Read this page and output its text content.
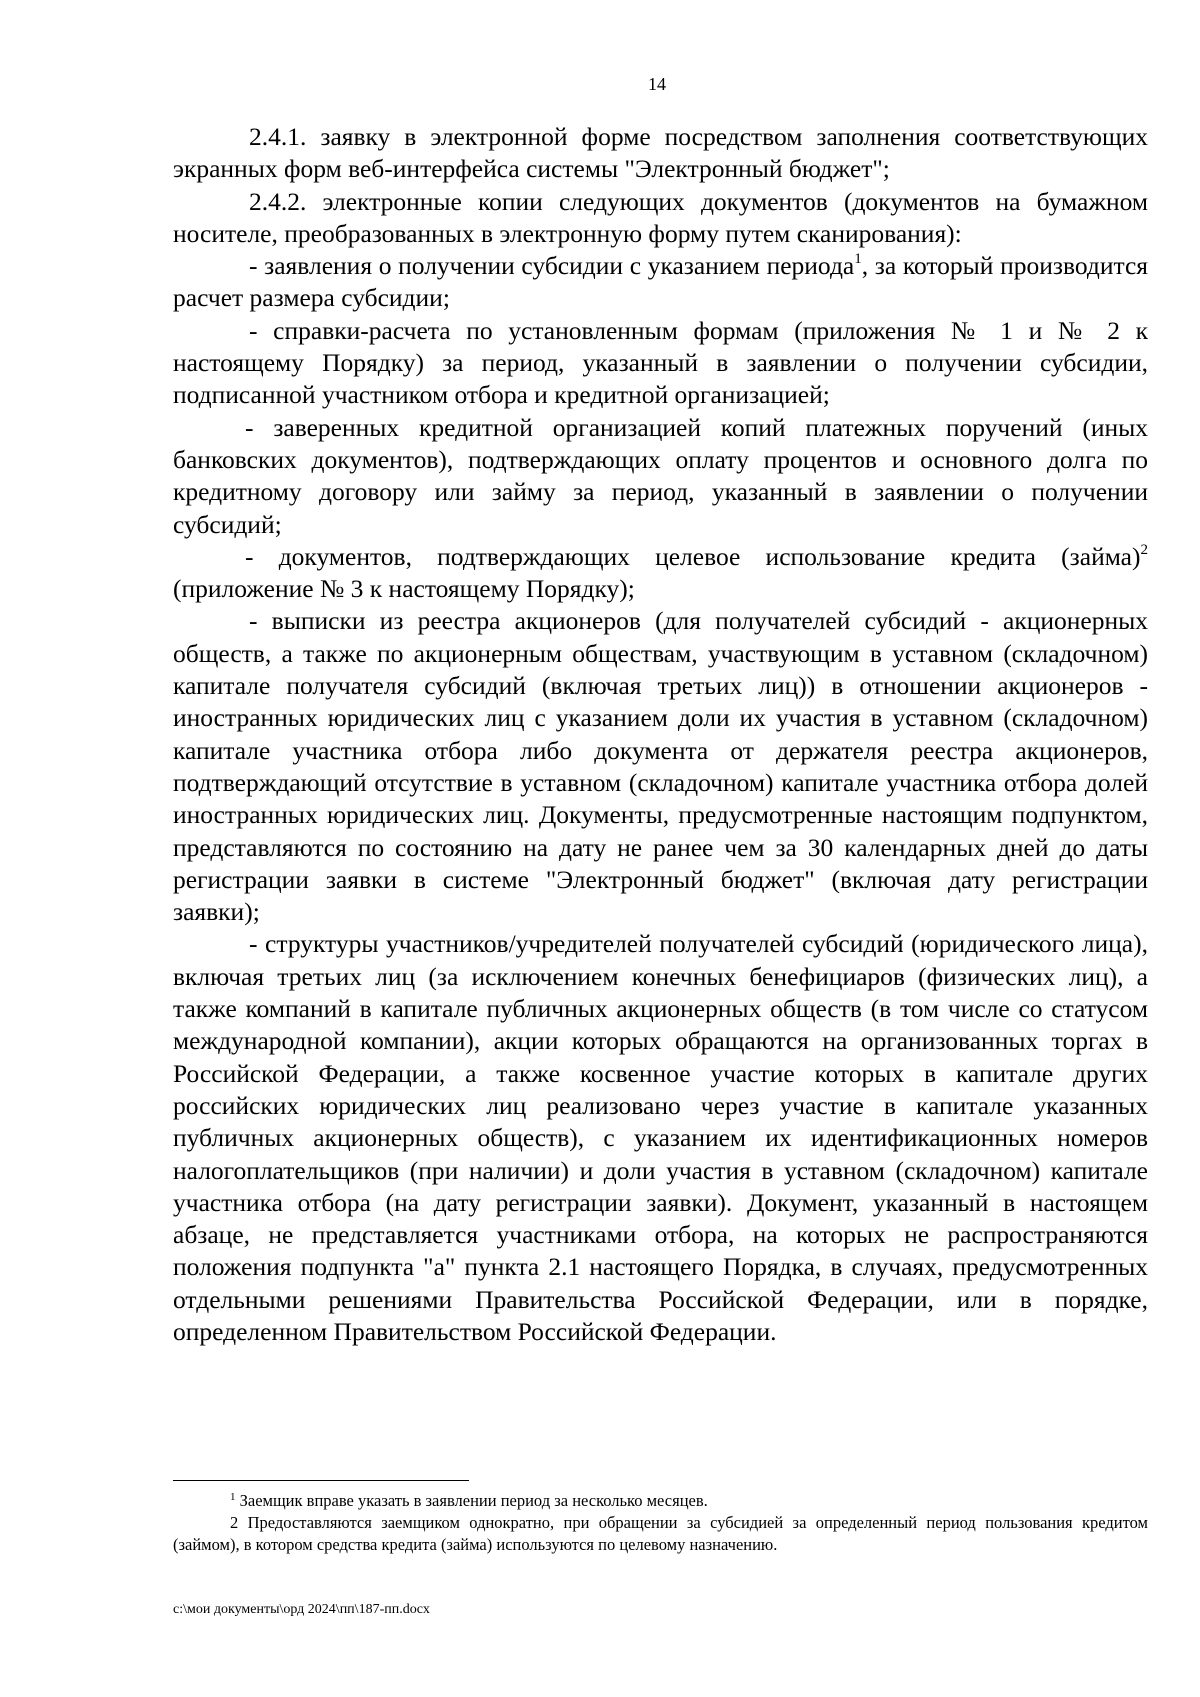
14

2.4.1. заявку в электронной форме посредством заполнения соответствующих экранных форм веб-интерфейса системы "Электронный бюджет";

2.4.2. электронные копии следующих документов (документов на бумажном носителе, преобразованных в электронную форму путем сканирования):

- заявления о получении субсидии с указанием периода$^1$, за который производится расчет размера субсидии;

- справки-расчета по установленным формам (приложения № 1 и № 2 к настоящему Порядку) за период, указанный в заявлении о получении субсидии, подписанной участником отбора и кредитной организацией;

- заверенных кредитной организацией копий платежных поручений (иных банковских документов), подтверждающих оплату процентов и основного долга по кредитному договору или займу за период, указанный в заявлении о получении субсидий;

- документов, подтверждающих целевое использование кредита (займа)$^2$ (приложение № 3 к настоящему Порядку);

- выписки из реестра акционеров (для получателей субсидий - акционерных обществ, а также по акционерным обществам, участвующим в уставном (складочном) капитале получателя субсидий (включая третьих лиц)) в отношении акционеров - иностранных юридических лиц с указанием доли их участия в уставном (складочном) капитале участника отбора либо документа от держателя реестра акционеров, подтверждающий отсутствие в уставном (складочном) капитале участника отбора долей иностранных юридических лиц. Документы, предусмотренные настоящим подпунктом, представляются по состоянию на дату не ранее чем за 30 календарных дней до даты регистрации заявки в системе "Электронный бюджет" (включая дату регистрации заявки);

- структуры участников/учредителей получателей субсидий (юридического лица), включая третьих лиц (за исключением конечных бенефициаров (физических лиц), а также компаний в капитале публичных акционерных обществ (в том числе со статусом международной компании), акции которых обращаются на организованных торгах в Российской Федерации, а также косвенное участие которых в капитале других российских юридических лиц реализовано через участие в капитале указанных публичных акционерных обществ), с указанием их идентификационных номеров налогоплательщиков (при наличии) и доли участия в уставном (складочном) капитале участника отбора (на дату регистрации заявки). Документ, указанный в настоящем абзаце, не представляется участниками отбора, на которых не распространяются положения подпункта "а" пункта 2.1 настоящего Порядка, в случаях, предусмотренных отдельными решениями Правительства Российской Федерации, или в порядке, определенном Правительством Российской Федерации.

$^1$ Заемщик вправе указать в заявлении период за несколько месяцев.

2 Предоставляются заемщиком однократно, при обращении за субсидией за определенный период пользования кредитом (займом), в котором средства кредита (займа) используются по целевому назначению.

c:\мои документы\орд 2024\пп\187-пп.docx
